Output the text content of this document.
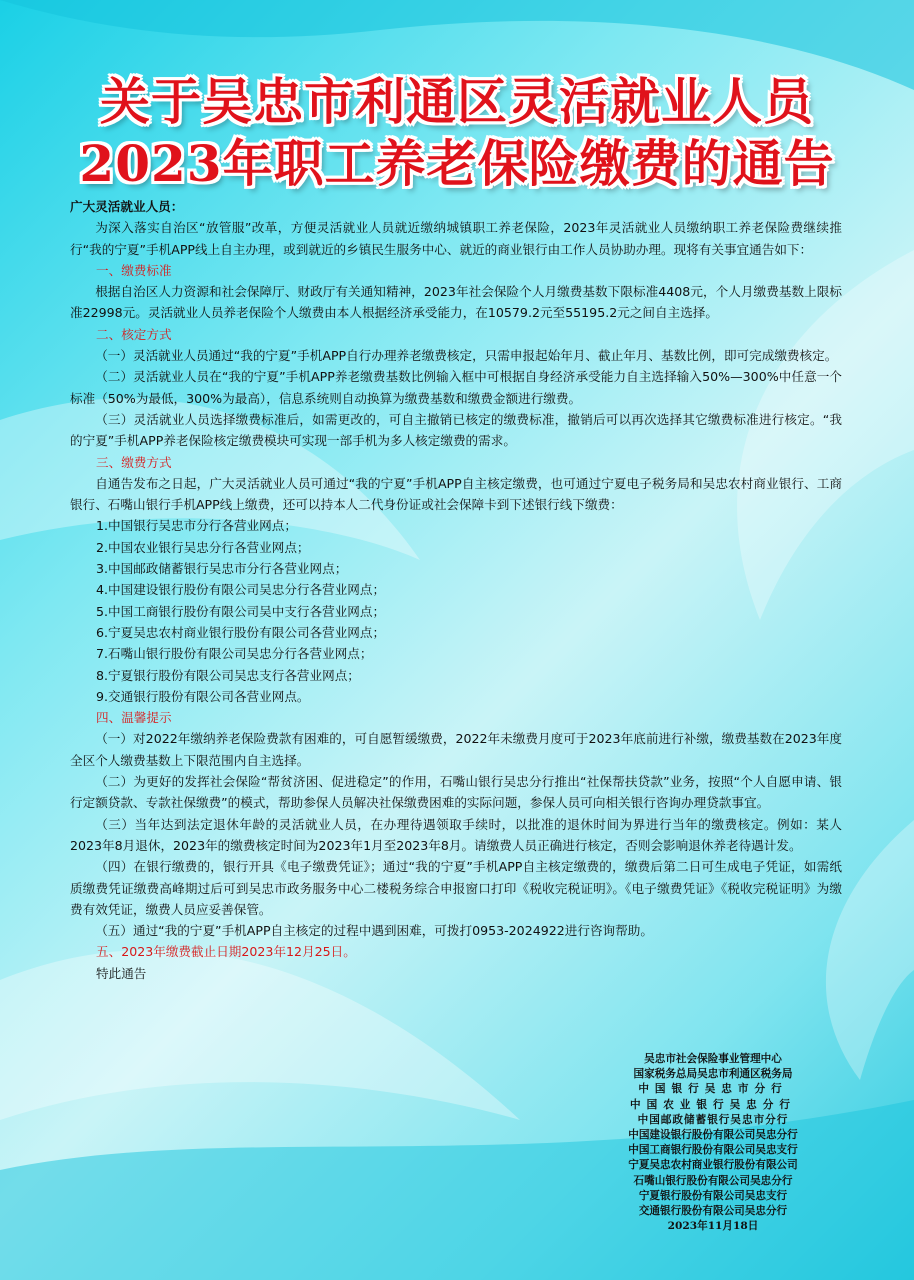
关于吴忠市利通区灵活就业人员
2023年职工养老保险缴费的通告

广大灵活就业人员：

为深入落实自治区“放管服”改革，方便灵活就业人员就近缴纳城镇职工养老保险，2023年灵活就业人员缴纳职工养老保险费继续推行“我的宁夏”手机APP线上自主办理，或到就近的乡镇民生服务中心、就近的商业银行由工作人员协助办理。现将有关事宜通告如下：

一、缴费标准

根据自治区人力资源和社会保障厅、财政厅有关通知精神，2023年社会保险个人月缴费基数下限标准4408元，个人月缴费基数上限标准22998元。灵活就业人员养老保险个人缴费由本人根据经济承受能力，在10579.2元至55195.2元之间自主选择。

二、核定方式

（一）灵活就业人员通过“我的宁夏”手机APP自行办理养老缴费核定，只需申报起始年月、截止年月、基数比例，即可完成缴费核定。

（二）灵活就业人员在“我的宁夏”手机APP养老缴费基数比例输入框中可根据自身经济承受能力自主选择输入50%—300%中任意一个标准（50%为最低，300%为最高），信息系统则自动换算为缴费基数和缴费金额进行缴费。

（三）灵活就业人员选择缴费标准后，如需更改的，可自主撤销已核定的缴费标准，撤销后可以再次选择其它缴费标准进行核定。“我的宁夏”手机APP养老保险核定缴费模块可实现一部手机为多人核定缴费的需求。

三、缴费方式

自通告发布之日起，广大灵活就业人员可通过“我的宁夏”手机APP自主核定缴费，也可通过宁夏电子税务局和吴忠农村商业银行、工商银行、石嘴山银行手机APP线上缴费，还可以持本人二代身份证或社会保障卡到下述银行线下缴费：

1.中国银行吴忠市分行各营业网点；

2.中国农业银行吴忠分行各营业网点；

3.中国邮政储蓄银行吴忠市分行各营业网点；

4.中国建设银行股份有限公司吴忠分行各营业网点；

5.中国工商银行股份有限公司吴中支行各营业网点；

6.宁夏吴忠农村商业银行股份有限公司各营业网点；

7.石嘴山银行股份有限公司吴忠分行各营业网点；

8.宁夏银行股份有限公司吴忠支行各营业网点；

9.交通银行股份有限公司各营业网点。

四、温馨提示

（一）对2022年缴纳养老保险费款有困难的，可自愿暂缓缴费，2022年未缴费月度可于2023年底前进行补缴，缴费基数在2023年度全区个人缴费基数上下限范围内自主选择。

（二）为更好的发挥社会保险“帮贫济困、促进稳定”的作用，石嘴山银行吴忠分行推出“社保帮扶贷款”业务，按照“个人自愿申请、银行定额贷款、专款社保缴费”的模式，帮助参保人员解决社保缴费困难的实际问题，参保人员可向相关银行咨询办理贷款事宜。

（三）当年达到法定退休年龄的灵活就业人员，在办理待遇领取手续时，以批准的退休时间为界进行当年的缴费核定。例如：某人2023年8月退休，2023年的缴费核定时间为2023年1月至2023年8月。请缴费人员正确进行核定，否则会影响退休养老待遇计发。

（四）在银行缴费的，银行开具《电子缴费凭证》；通过“我的宁夏”手机APP自主核定缴费的，缴费后第二日可生成电子凭证，如需纸质缴费凭证缴费高峰期过后可到吴忠市政务服务中心二楼税务综合申报窗口打印《税收完税证明》。《电子缴费凭证》《税收完税证明》为缴费有效凭证，缴费人员应妥善保管。

（五）通过“我的宁夏”手机APP自主核定的过程中遇到困难，可拨打0953-2024922进行咨询帮助。

五、2023年缴费截止日期2023年12月25日。

特此通告

吴忠市社会保险事业管理中心
国家税务总局吴忠市利通区税务局
中国银行吴忠市分行
中国农业银行吴忠分行
中国邮政储蓄银行吴忠市分行
中国建设银行股份有限公司吴忠分行
中国工商银行股份有限公司吴忠支行
宁夏吴忠农村商业银行股份有限公司
石嘴山银行股份有限公司吴忠分行
宁夏银行股份有限公司吴忠支行
交通银行股份有限公司吴忠分行
2023年11月18日
